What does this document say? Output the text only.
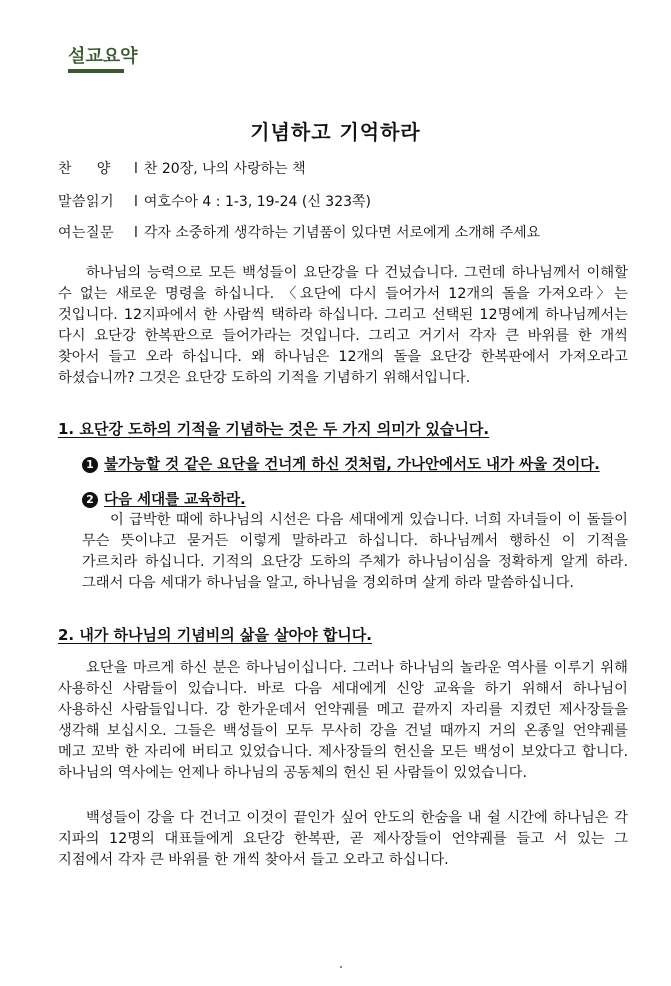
설교요약
기념하고 기억하라
찬     양 l 찬 20장, 나의 사랑하는 책
말씀읽기 l 여호수아 4 : 1-3, 19-24 (신 323쪽)
여는질문 l 각자 소중하게 생각하는 기념품이 있다면 서로에게 소개해 주세요

하나님의 능력으로 모든 백성들이 요단강을 다 건넜습니다. 그런데 하나님께서 이해할 수 없는 새로운 명령을 하십니다. 〈요단에 다시 들어가서 12개의 돌을 가져오라〉는 것입니다. 12지파에서 한 사람씩 택하라 하십니다. 그리고 선택된 12명에게 하나님께서는 다시 요단강 한복판으로 들어가라는 것입니다. 그리고 거기서 각자 큰 바위를 한 개씩 찾아서 들고 오라 하십니다. 왜 하나님은 12개의 돌을 요단강 한복판에서 가져오라고 하셨습니까? 그것은 요단강 도하의 기적을 기념하기 위해서입니다.

1. 요단강 도하의 기적을 기념하는 것은 두 가지 의미가 있습니다.
1 불가능할 것 같은 요단을 건너게 하신 것처럼, 가나안에서도 내가 싸울 것이다.
2 다음 세대를 교육하라.

이 급박한 때에 하나님의 시선은 다음 세대에게 있습니다. 너희 자녀들이 이 돌들이 무슨 뜻이냐고 묻거든 이렇게 말하라고 하십니다. 하나님께서 행하신 이 기적을 가르치라 하십니다. 기적의 요단강 도하의 주체가 하나님이심을 정확하게 알게 하라. 그래서 다음 세대가 하나님을 알고, 하나님을 경외하며 살게 하라 말씀하십니다.

2. 내가 하나님의 기념비의 삶을 살아야 합니다.

요단을 마르게 하신 분은 하나님이십니다. 그러나 하나님의 놀라운 역사를 이루기 위해 사용하신 사람들이 있습니다. 바로 다음 세대에게 신앙 교육을 하기 위해서 하나님이 사용하신 사람들입니다. 강 한가운데서 언약궤를 메고 끝까지 자리를 지켰던 제사장들을 생각해 보십시오. 그들은 백성들이 모두 무사히 강을 건널 때까지 거의 온종일 언약궤를 메고 꼬박 한 자리에 버티고 있었습니다. 제사장들의 헌신을 모든 백성이 보았다고 합니다. 하나님의 역사에는 언제나 하나님의 공동체의 헌신 된 사람들이 있었습니다.

백성들이 강을 다 건너고 이것이 끝인가 싶어 안도의 한숨을 내 쉴 시간에 하나님은 각 지파의 12명의 대표들에게 요단강 한복판, 곧 제사장들이 언약궤를 들고 서 있는 그 지점에서 각자 큰 바위를 한 개씩 찾아서 들고 오라고 하십니다.
